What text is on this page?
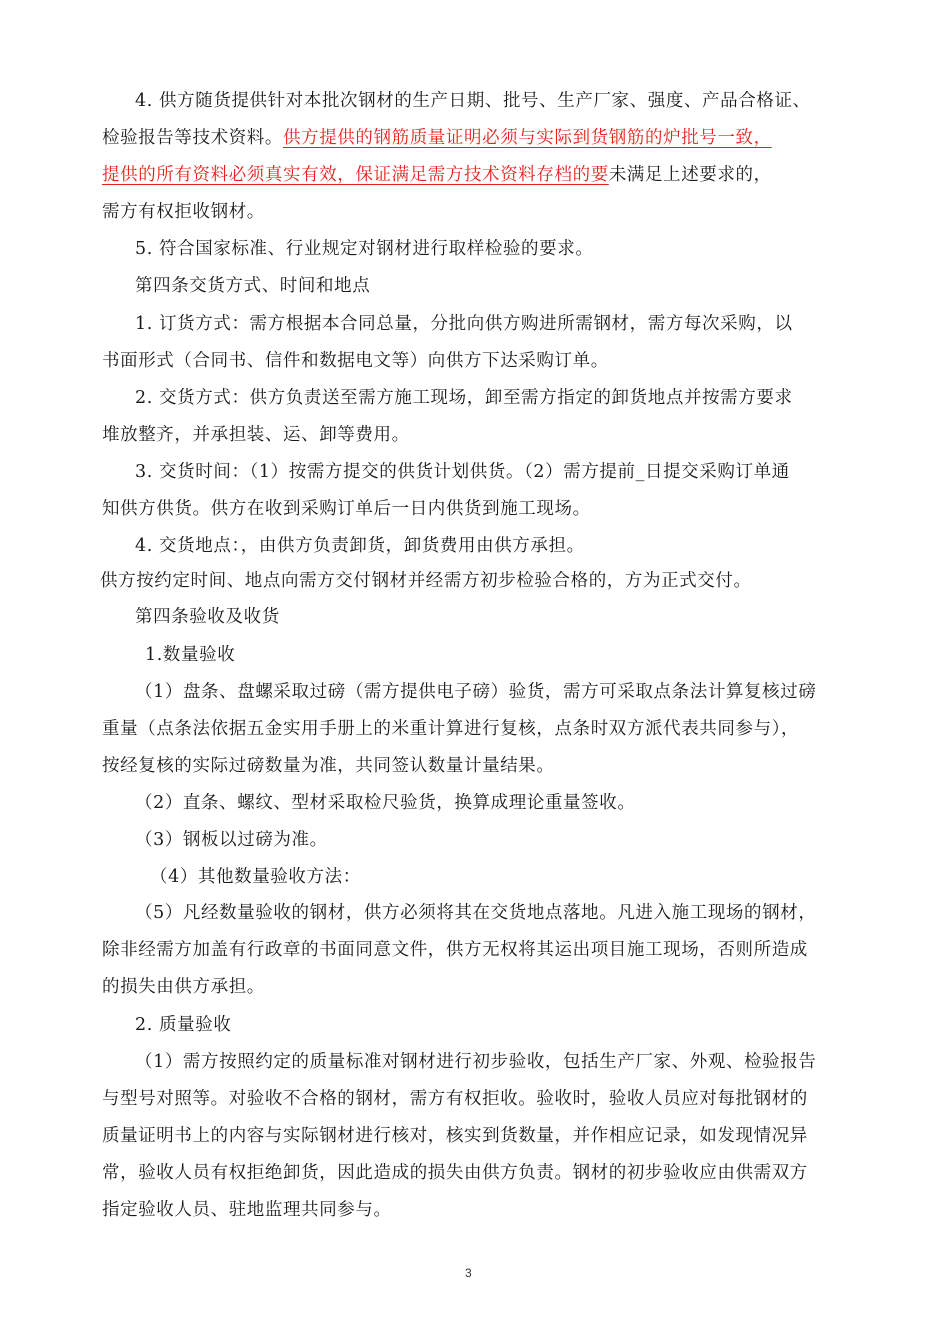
4. 供方随货提供针对本批次钢材的生产日期、批号、生产厂家、强度、产品合格证、
检验报告等技术资料。供方提供的钢筋质量证明必须与实际到货钢筋的炉批号一致，
提供的所有资料必须真实有效，保证满足需方技术资料存档的要未满足上述要求的，
需方有权拒收钢材。
5. 符合国家标准、行业规定对钢材进行取样检验的要求。
第四条交货方式、时间和地点
1. 订货方式：需方根据本合同总量，分批向供方购进所需钢材，需方每次采购，以
书面形式（合同书、信件和数据电文等）向供方下达采购订单。
2. 交货方式：供方负责送至需方施工现场，卸至需方指定的卸货地点并按需方要求
堆放整齐，并承担装、运、卸等费用。
3. 交货时间：（1）按需方提交的供货计划供货。（2）需方提前_日提交采购订单通
知供方供货。供方在收到采购订单后一日内供货到施工现场。
4. 交货地点：，由供方负责卸货，卸货费用由供方承担。
供方按约定时间、地点向需方交付钢材并经需方初步检验合格的，方为正式交付。
第四条验收及收货
1.数量验收
（1）盘条、盘螺采取过磅（需方提供电子磅）验货，需方可采取点条法计算复核过磅
重量（点条法依据五金实用手册上的米重计算进行复核，点条时双方派代表共同参与），
按经复核的实际过磅数量为准，共同签认数量计量结果。
（2）直条、螺纹、型材采取检尺验货，换算成理论重量签收。
（3）钢板以过磅为准。
（4）其他数量验收方法：
（5）凡经数量验收的钢材，供方必须将其在交货地点落地。凡进入施工现场的钢材，
除非经需方加盖有行政章的书面同意文件，供方无权将其运出项目施工现场，否则所造成
的损失由供方承担。
2. 质量验收
（1）需方按照约定的质量标准对钢材进行初步验收，包括生产厂家、外观、检验报告
与型号对照等。对验收不合格的钢材，需方有权拒收。验收时，验收人员应对每批钢材的
质量证明书上的内容与实际钢材进行核对，核实到货数量，并作相应记录，如发现情况异
常，验收人员有权拒绝卸货，因此造成的损失由供方负责。钢材的初步验收应由供需双方
指定验收人员、驻地监理共同参与。
3
